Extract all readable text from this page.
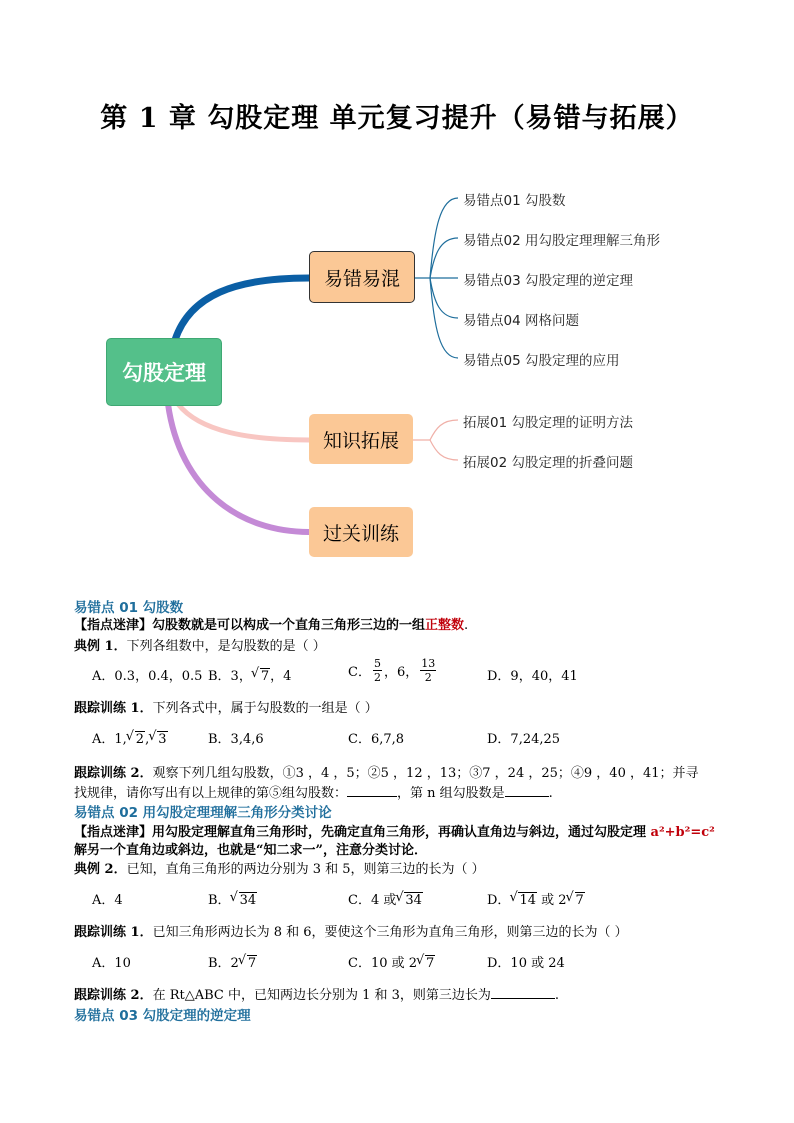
第 1 章 勾股定理 单元复习提升（易错与拓展）
勾股定理
易错易混
知识拓展
过关训练
易错点01 勾股数
易错点02 用勾股定理理解三角形
易错点03 勾股定理的逆定理
易错点04 网格问题
易错点05 勾股定理的应用
拓展01 勾股定理的证明方法
拓展02 勾股定理的折叠问题
易错点 01 勾股数
【指点迷津】勾股数就是可以构成一个直角三角形三边的一组正整数.
典例 1．下列各组数中，是勾股数的是（ ）
A．0.3，0.4，0.5 B．3， √ 7，4	C． $\frac{5}{2}$ ，6， $\frac{13}{2}$	D．9，40，41
跟踪训练 1．下列各式中，属于勾股数的一组是（ ）
A．1, √ 2, √ 3	B．3,4,6	C．6,7,8	D．7,24,25
跟踪训练 2．观察下列几组勾股数，①3 ，4 ，5；②5 ，12 ，13；③7 ，24 ，25；④9 ，40 ，41；并寻
找规律，请你写出有以上规律的第⑤组勾股数：	，第 n 组勾股数是	.
易错点 02 用勾股定理理解三角形分类讨论
【指点迷津】用勾股定理解直角三角形时，先确定直角三角形，再确认直角边与斜边，通过勾股定理 a²+b²=c²
解另一个直角边或斜边，也就是“知二求一”，注意分类讨论．
典例 2．已知，直角三角形的两边分别为 3 和 5，则第三边的长为（ ）
A．4	B． √ 34	C．4 或 √ 34	D． √ 14 或 2 √ 7
跟踪训练 1．已知三角形两边长为 8 和 6，要使这个三角形为直角三角形，则第三边的长为（ ）
A．10	B．2 √ 7	C．10 或 2 √ 7	D．10 或 24
跟踪训练 2．在 Rt△ABC 中，已知两边长分别为 1 和 3，则第三边长为	.
易错点 03 勾股定理的逆定理
